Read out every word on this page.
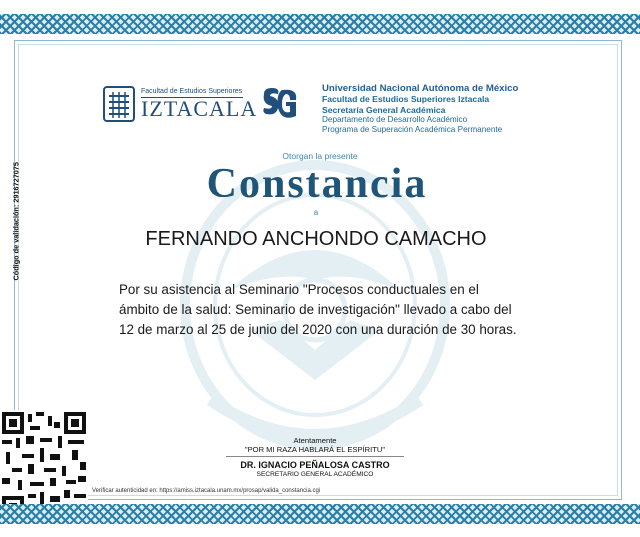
Facultad de Estudios Superiores
IZTACALA
Universidad Nacional Autónoma de México
Facultad de Estudios Superiores Iztacala
Secretaría General Académica
Departamento de Desarrollo Académico
Programa de Superación Académica Permanente
Otorgan la presente
Constancia
a
FERNANDO ANCHONDO CAMACHO
Por su asistencia al Seminario "Procesos conductuales en el ámbito de la salud: Seminario de investigación" llevado a cabo del 12 de marzo al 25 de junio del 2020 con una duración de 30 horas.
Código de validación: 2916727075
Atentamente
"POR MI RAZA HABLARÁ EL ESPÍRITU"
DR. IGNACIO PEÑALOSA CASTRO
SECRETARIO GENERAL ACADÉMICO
Verificar autenticidad en: https://amiss.iztacala.unam.mx/prosap/valida_constancia.cgi
